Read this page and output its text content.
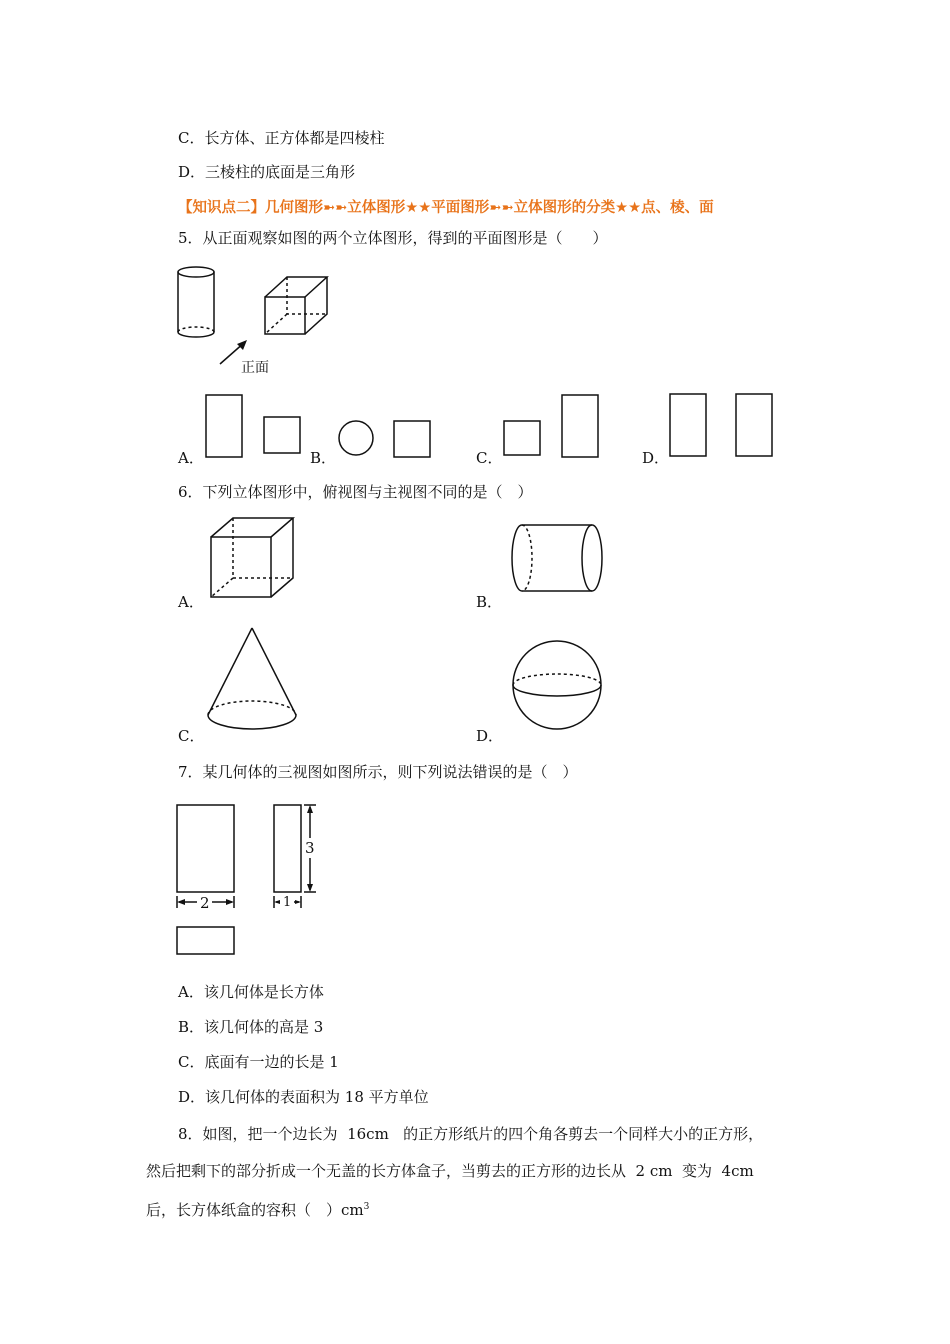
C．长方体、正方体都是四棱柱
D．三棱柱的底面是三角形
【知识点二】几何图形➼➼立体图形★★平面图形➼➼立体图形的分类★★点、棱、面
5．从正面观察如图的两个立体图形，得到的平面图形是（　　）
正面
A．	B．	C．	D．
6．下列立体图形中，俯视图与主视图不同的是（　）
A．	B．
C．	D．
7．某几何体的三视图如图所示，则下列说法错误的是（　）
2	1
3
A．该几何体是长方体
B．该几何体的高是 3
C．底面有一边的长是 1
D．该几何体的表面积为 18 平方单位
8．如图，把一个边长为  16cm   的正方形纸片的四个角各剪去一个同样大小的正方形，
然后把剩下的部分折成一个无盖的长方体盒子，当剪去的正方形的边长从  2 cm  变为  4cm
后，长方体纸盒的容积（　）$cm^3$
